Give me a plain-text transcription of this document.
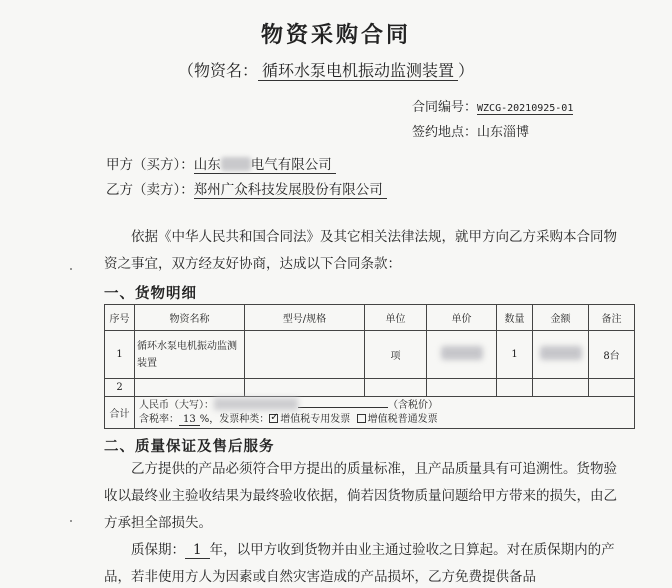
物资采购合同
（物资名： 循环水泵电机振动监测装置 ）
合同编号：WZCG-20210925-01
签约地点：山东淄博
甲方（买方）：山东 电气有限公司
乙方（卖方）：郑州广众科技发展股份有限公司
依据《中华人民共和国合同法》及其它相关法律法规，就甲方向乙方采购本合同物资之事宜，双方经友好协商，达成以下合同条款：
一、货物明细
序号	物资名称	型号/规格	单位	单价	数量	金额	备注
1	循环水泵电机振动监测装置		项		1		8台
2							
合计	人民币（大写）： （含税价）
含税率： 13 %，发票种类： ✓ 增值税专用发票 增值税普通发票
二、质量保证及售后服务
乙方提供的产品必须符合甲方提出的质量标准，且产品质量具有可追溯性。货物验收以最终业主验收结果为最终验收依据，倘若因货物质量问题给甲方带来的损失，由乙方承担全部损失。
质保期： 1 年，以甲方收到货物并由业主通过验收之日算起。对在质保期内的产品，若非使用方人为因素或自然灾害造成的产品损坏，乙方免费提供备品
